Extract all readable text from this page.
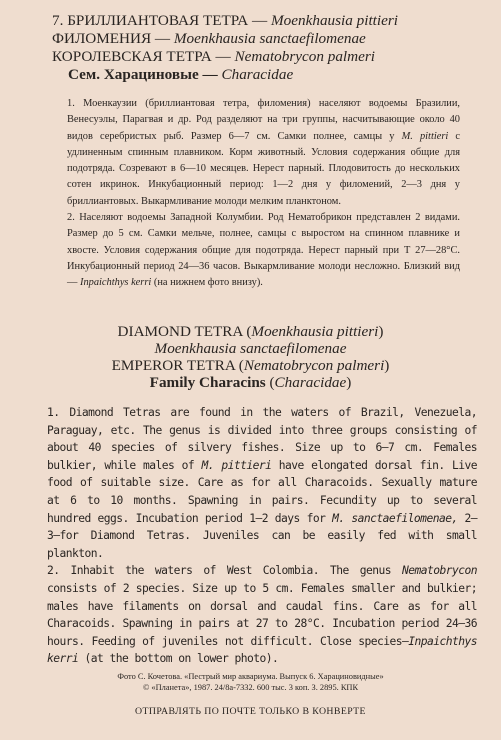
7. БРИЛЛИАНТОВАЯ ТЕТРА — Moenkhausia pittieri
ФИЛОМЕНИЯ — Moenkhausia sanctaefilomenae
КОРОЛЕВСКАЯ ТЕТРА — Nematobrycon palmeri
Сем. Харациновые — Characidae

1. Моенкаузии (бриллиантовая тетра, филомения) населяют водоемы Бразилии, Венесуэлы, Парагвая и др. Род разделяют на три группы, насчитывающие около 40 видов серебристых рыб. Размер 6—7 см. Самки полнее, самцы у M. pittieri с удлиненным спинным плавником. Корм животный. Условия содержания общие для подотряда. Созревают в 6—10 месяцев. Нерест парный. Плодовитость до нескольких сотен икринок. Инкубационный период: 1—2 дня у филомений, 2—3 дня у бриллиантовых. Выкармливание молоди мелким планктоном.

2. Населяют водоемы Западной Колумбии. Род Нематобрикон представлен 2 видами. Размер до 5 см. Самки мельче, полнее, самцы с выростом на спинном плавнике и хвосте. Условия содержания общие для подотряда. Нерест парный при Т 27—28°С. Инкубационный период 24—36 часов. Выкармливание молоди несложно. Близкий вид — Inpaichthys kerri (на нижнем фото внизу).

DIAMOND TETRA (Moenkhausia pittieri)
Moenkhausia sanctaefilomenae
EMPEROR TETRA (Nematobrycon palmeri)
Family Characins (Characidae)

1. Diamond Tetras are found in the waters of Brazil, Venezuela, Paraguay, etc. The genus is divided into three groups consisting of about 40 species of silvery fishes. Size up to 6—7 cm. Females bulkier, while males of M. pittieri have elongated dorsal fin. Live food of suitable size. Care as for all Characoids. Sexually mature at 6 to 10 months. Spawning in pairs. Fecundity up to several hundred eggs. Incubation period 1—2 days for M. sanctaefilomenae, 2—3—for Diamond Tetras. Juveniles can be easily fed with small plankton.

2. Inhabit the waters of West Colombia. The genus Nematobrycon consists of 2 species. Size up to 5 cm. Females smaller and bulkier; males have filaments on dorsal and caudal fins. Care as for all Characoids. Spawning in pairs at 27 to 28°C. Incubation period 24—36 hours. Feeding of juveniles not difficult. Close species—Inpaichthys kerri (at the bottom on lower photo).

Фото С. Кочетова. «Пестрый мир аквариума. Выпуск 6. Харациновидные»
© «Планета», 1987. 24/8а-7332. 600 тыс. 3 коп. З. 2895. КПК
ОТПРАВЛЯТЬ ПО ПОЧТЕ ТОЛЬКО В КОНВЕРТЕ
